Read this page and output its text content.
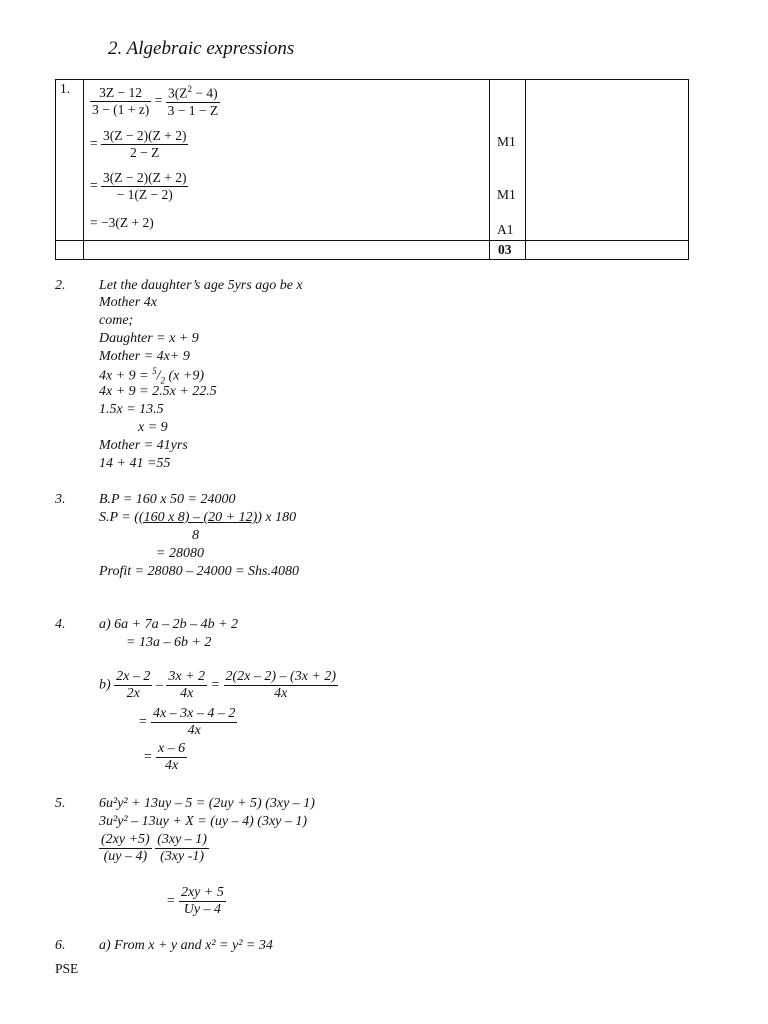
2. Algebraic expressions
1. $\frac{3Z - 12}{3 - (1 + z)} = \frac{3(Z^2 - 4)}{3 - 1 - Z}$
= $\frac{3(Z - 2)(Z + 2)}{2 - Z}$
= $\frac{3(Z - 2)(Z + 2)}{- 1(Z - 2)}$
= −3(Z + 2)
M1
M1
A1
03
2. Let the daughter’s age 5yrs ago be x
Mother 4x
come;
Daughter = x + 9
Mother = 4x+ 9
$4x + 9 = ^5/_2$ (x +9)
4x + 9 = 2.5x + 22.5
1.5x = 13.5
x = 9
Mother = 41yrs
14 + 41 =55
3. B.P = 160 x 50 = 24000
S.P = ((160 x 8) – (20 + 12)) x 180
8
= 28080
Profit = 28080 – 24000 = Shs.4080
4. a) 6a + 7a – 2b – 4b + 2
= 13a – 6b + 2
$b) \frac{2x - 2}{2x} - \frac{3x + 2}{4x} = \frac{2(2x - 2) - (3x + 2)}{4x}$
= $\frac{4x - 3x - 4 - 2}{4x}$
= $\frac{x - 6}{4x}$
5. 6u²y² + 13uy – 5 = (2uy + 5) (3xy – 1)
3u²y² – 13uy + X = (uy – 4) (3xy – 1)
$\frac{(2xy +5)}{(uy - 4)}$
$\frac{(3xy - 1)}{(3xy -1)}$
= $\frac{2xy + 5}{Uy - 4}$
6. a) From x + y and x² = y² = 34
PSE
